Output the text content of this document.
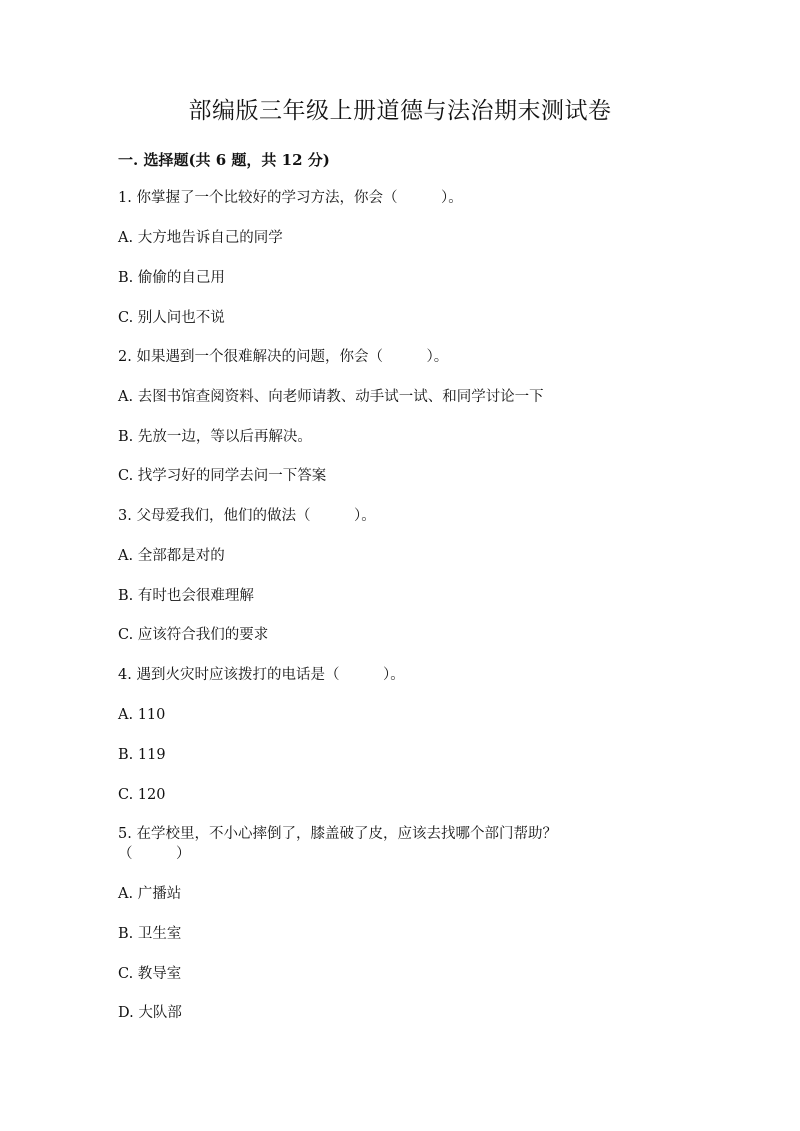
部编版三年级上册道德与法治期末测试卷
一. 选择题(共 6 题，共 12 分)
1. 你掌握了一个比较好的学习方法，你会（　　　）。
A. 大方地告诉自己的同学
B. 偷偷的自己用
C. 别人问也不说
2. 如果遇到一个很难解决的问题，你会（　　　）。
A. 去图书馆查阅资料、向老师请教、动手试一试、和同学讨论一下
B. 先放一边，等以后再解决。
C. 找学习好的同学去问一下答案
3. 父母爱我们，他们的做法（　　　）。
A. 全部都是对的
B. 有时也会很难理解
C. 应该符合我们的要求
4. 遇到火灾时应该拨打的电话是（　　　）。
A. 110
B. 119
C. 120
5. 在学校里，不小心摔倒了，膝盖破了皮，应该去找哪个部门帮助？
（　　　）
A. 广播站
B. 卫生室
C. 教导室
D. 大队部
